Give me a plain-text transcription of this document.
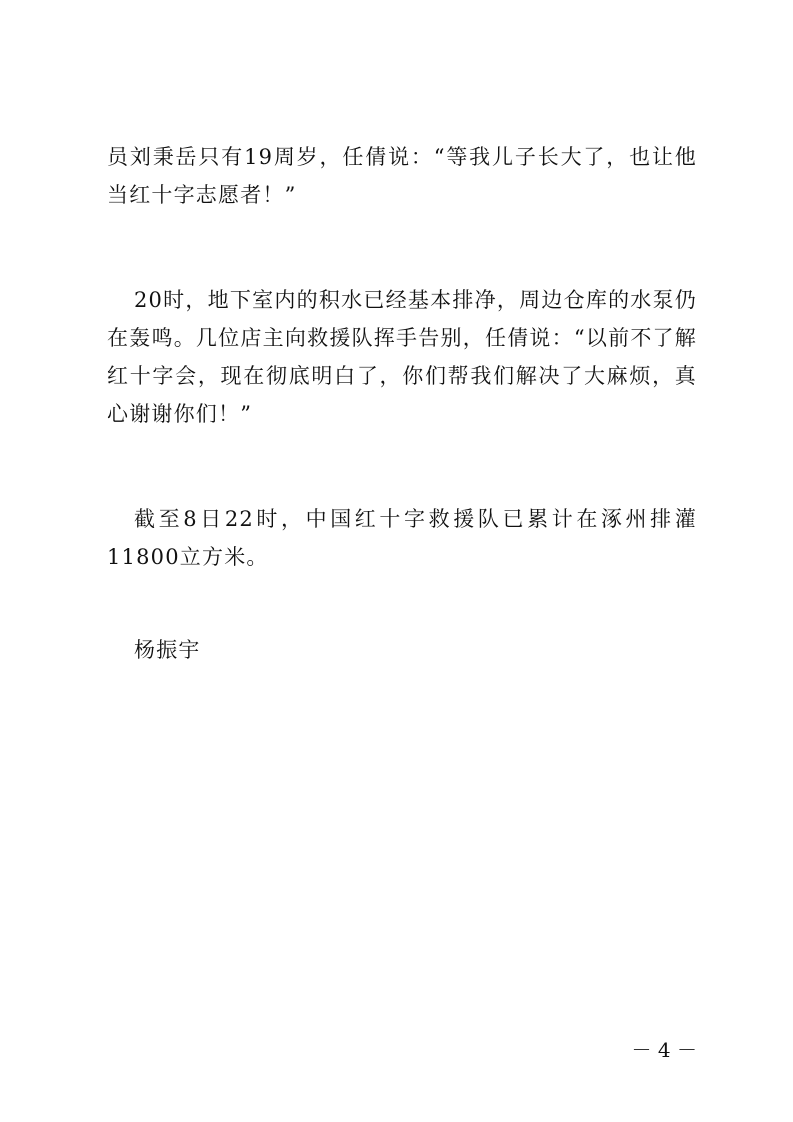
员刘秉岳只有19周岁，任倩说：“等我儿子长大了，也让他当红十字志愿者！”

20时，地下室内的积水已经基本排净，周边仓库的水泵仍在轰鸣。几位店主向救援队挥手告别，任倩说：“以前不了解红十字会，现在彻底明白了，你们帮我们解决了大麻烦，真心谢谢你们！”

截至8日22时，中国红十字救援队已累计在涿州排灌11800立方米。

杨振宇

－ 4 －
